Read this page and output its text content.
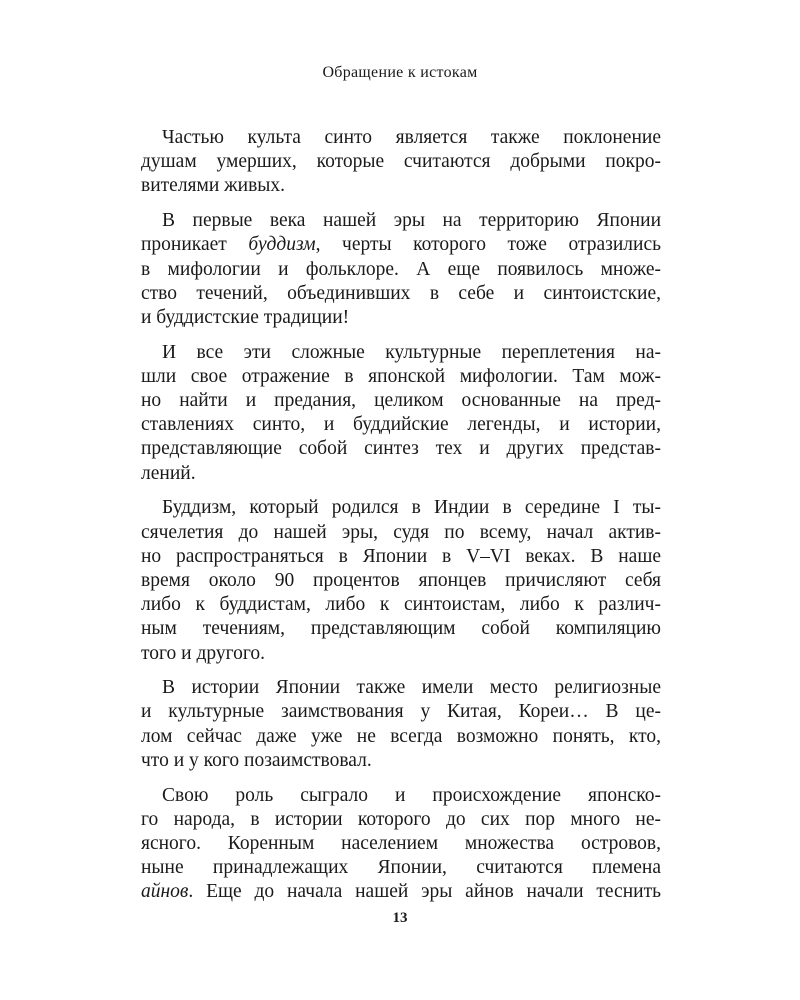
Обращение к истокам
Частью культа синто является также поклонение
душам умерших, которые считаются добрыми покро-
вителями живых.
В первые века нашей эры на территорию Японии
проникает буддизм, черты которого тоже отразились
в мифологии и фольклоре. А еще появилось множе-
ство течений, объединивших в себе и синтоистские,
и буддистские традиции!
И все эти сложные культурные переплетения на-
шли свое отражение в японской мифологии. Там мож-
но найти и предания, целиком основанные на пред-
ставлениях синто, и буддийские легенды, и истории,
представляющие собой синтез тех и других представ-
лений.
Буддизм, который родился в Индии в середине I ты-
сячелетия до нашей эры, судя по всему, начал актив-
но распространяться в Японии в V–VI веках. В наше
время около 90 процентов японцев причисляют себя
либо к буддистам, либо к синтоистам, либо к различ-
ным течениям, представляющим собой компиляцию
того и другого.
В истории Японии также имели место религиозные
и культурные заимствования у Китая, Кореи… В це-
лом сейчас даже уже не всегда возможно понять, кто,
что и у кого позаимствовал.
Свою роль сыграло и происхождение японско-
го народа, в истории которого до сих пор много не-
ясного. Коренным населением множества островов,
ныне принадлежащих Японии, считаются племена
айнов. Еще до начала нашей эры айнов начали теснить
13
